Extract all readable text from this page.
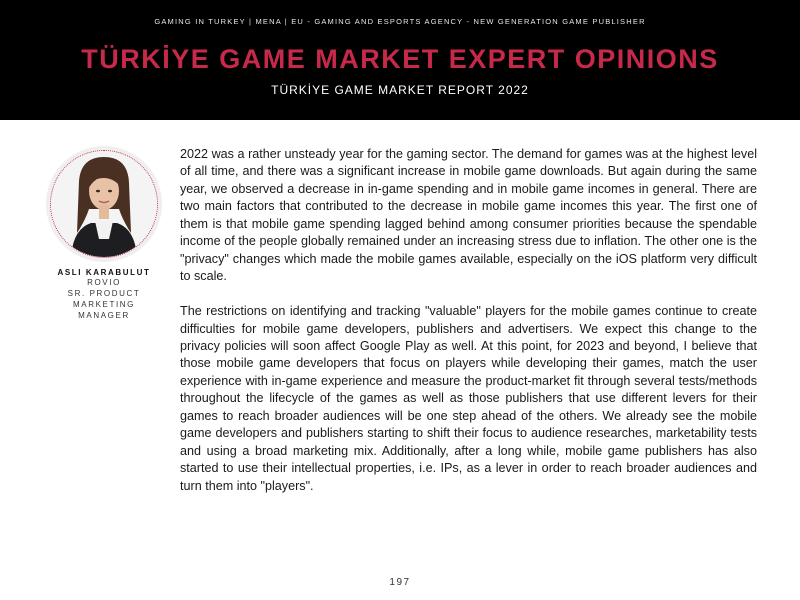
GAMING IN TURKEY | MENA | EU - GAMING AND ESPORTS AGENCY - NEW GENERATION GAME PUBLISHER
TÜRKİYE GAME MARKET EXPERT OPINIONS
TÜRKİYE GAME MARKET REPORT 2022
ASLI KARABULUT
ROVIO
SR. PRODUCT
MARKETING
MANAGER

2022 was a rather unsteady year for the gaming sector. The demand for games was at the highest level of all time, and there was a significant increase in mobile game downloads. But again during the same year, we observed a decrease in in-game spending and in mobile game incomes in general. There are two main factors that contributed to the decrease in mobile game incomes this year. The first one of them is that mobile game spending lagged behind among consumer priorities because the spendable income of the people globally remained under an increasing stress due to inflation. The other one is the "privacy" changes which made the mobile games available, especially on the iOS platform very difficult to scale.

The restrictions on identifying and tracking "valuable" players for the mobile games continue to create difficulties for mobile game developers, publishers and advertisers. We expect this change to the privacy policies will soon affect Google Play as well. At this point, for 2023 and beyond, I believe that those mobile game developers that focus on players while developing their games, match the user experience with in-game experience and measure the product-market fit through several tests/methods throughout the lifecycle of the games as well as those publishers that use different levers for their games to reach broader audiences will be one step ahead of the others. We already see the mobile game developers and publishers starting to shift their focus to audience researches, marketability tests and using a broad marketing mix. Additionally, after a long while, mobile game publishers has also started to use their intellectual properties, i.e. IPs, as a lever in order to reach broader audiences and turn them into "players".

197
